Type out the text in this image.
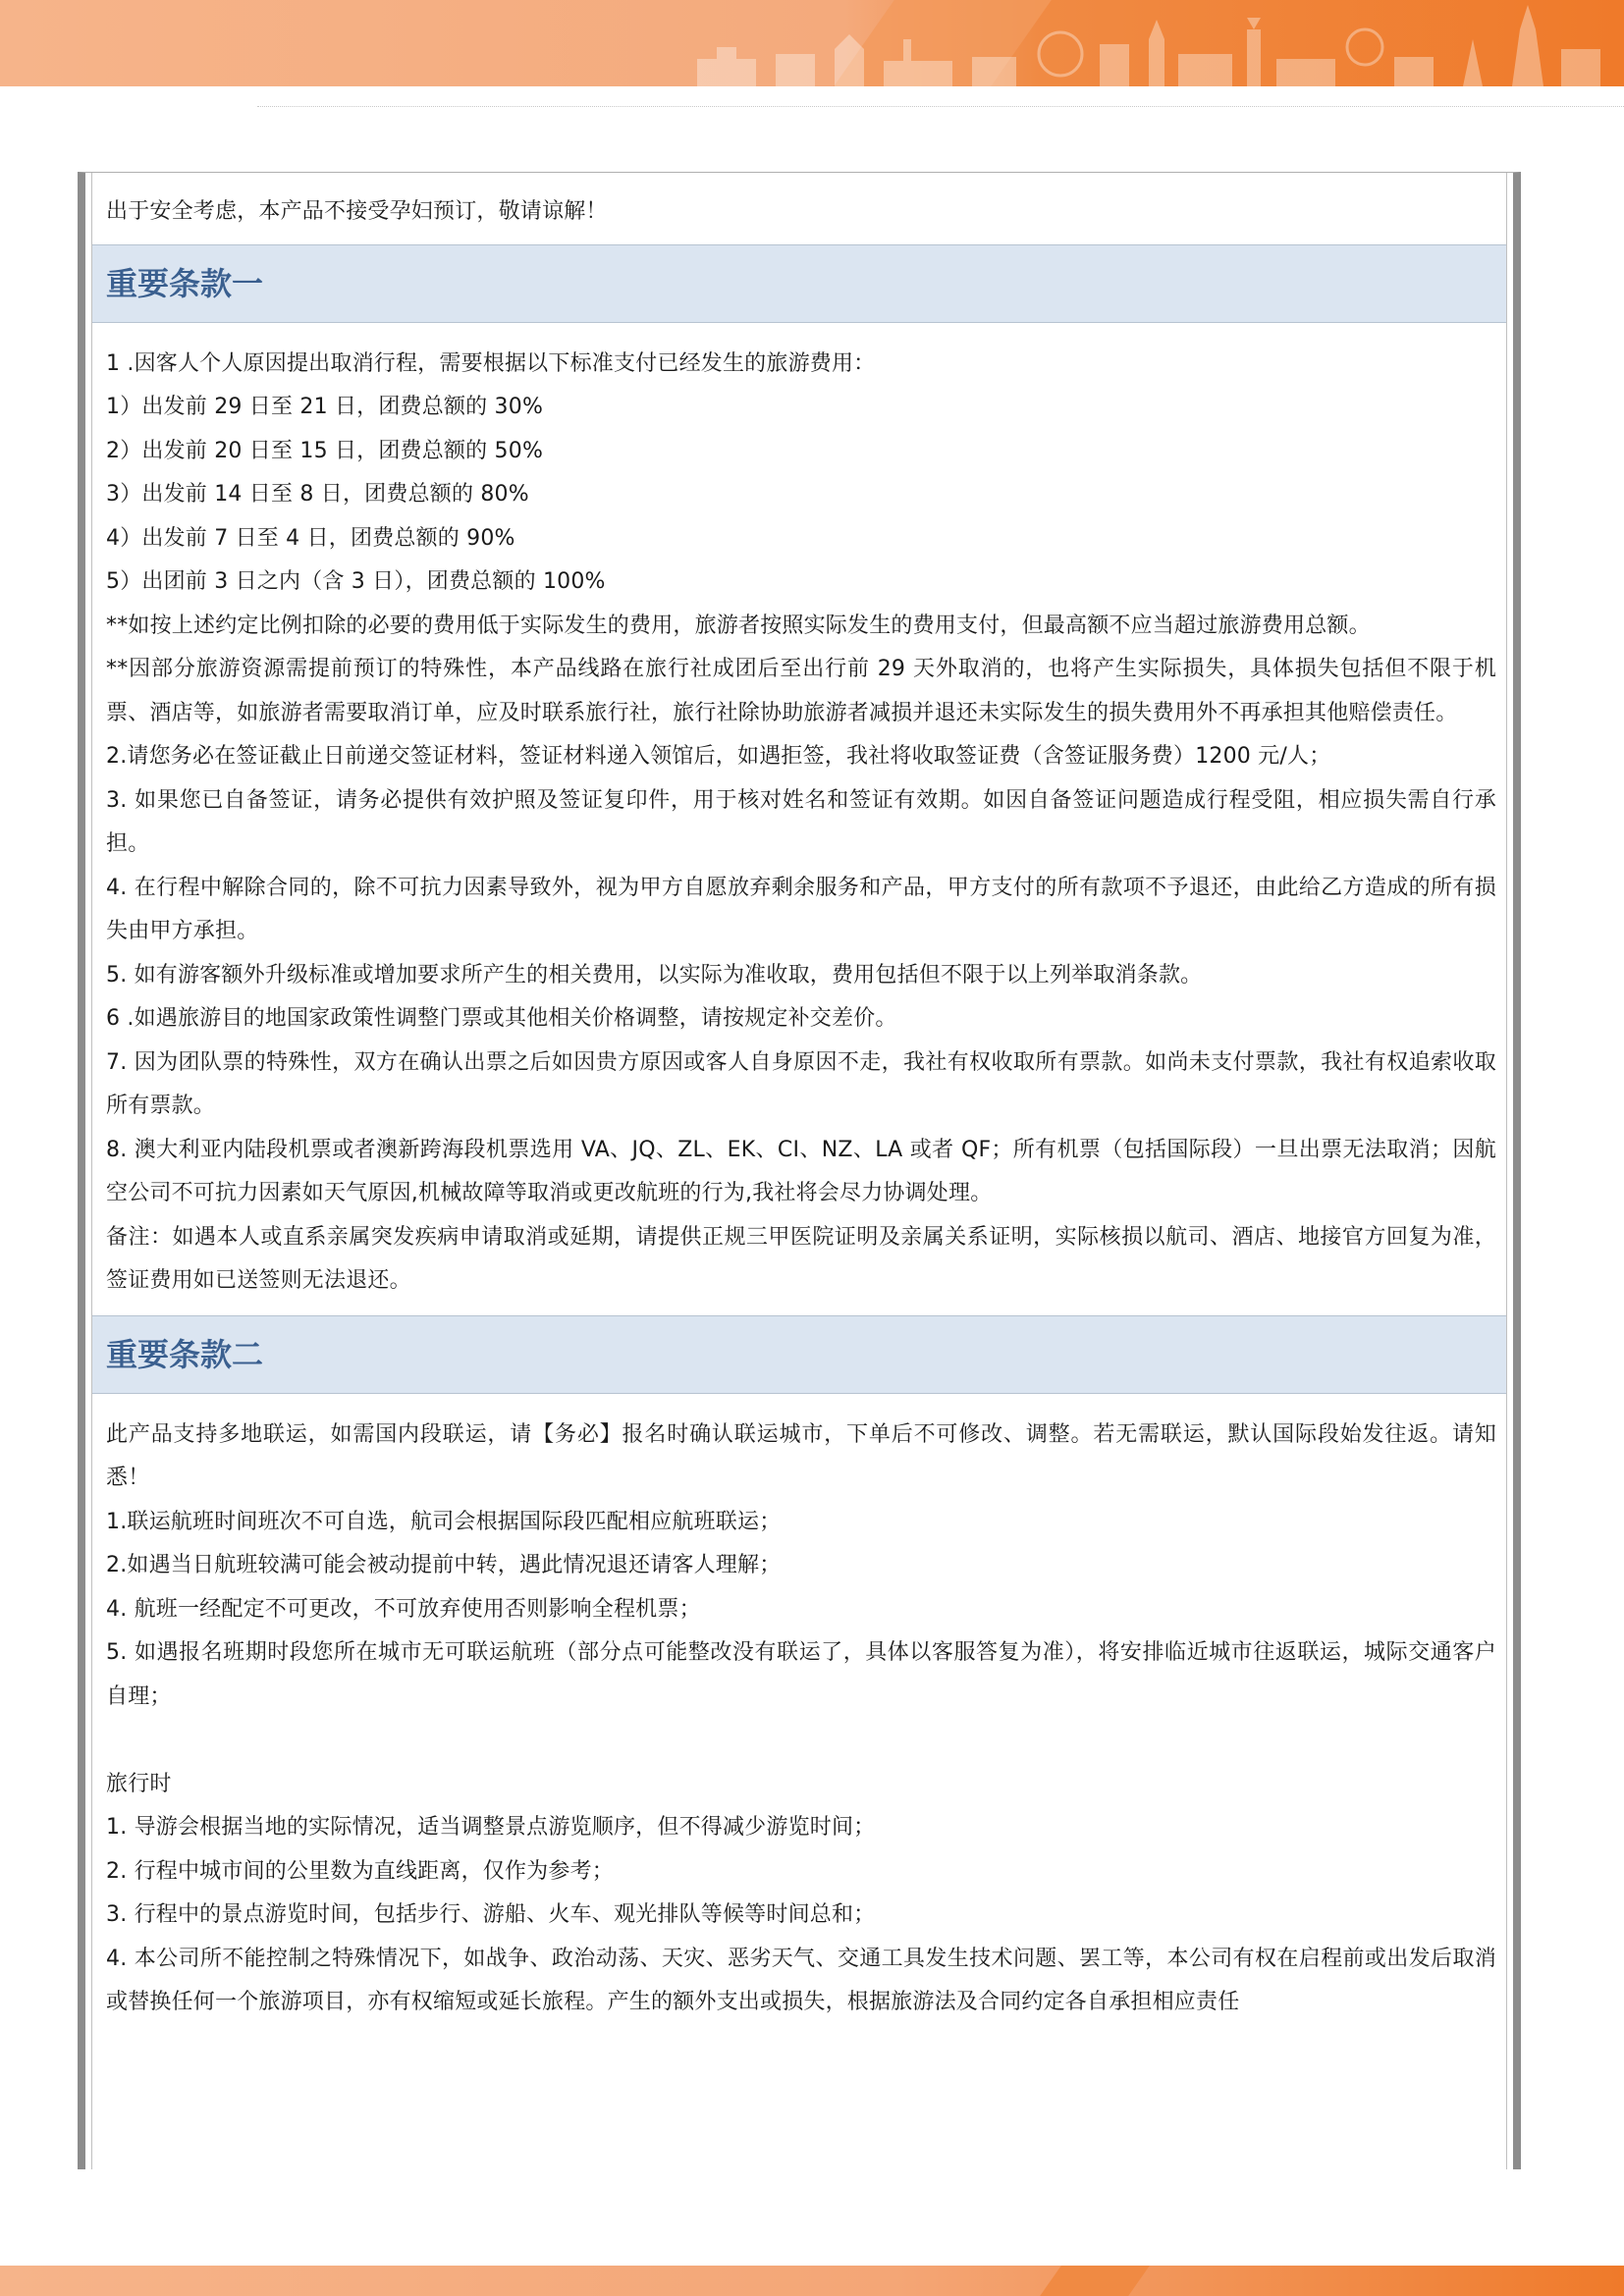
出于安全考虑，本产品不接受孕妇预订，敬请谅解！

重要条款一

1 .因客人个人原因提出取消行程，需要根据以下标准支付已经发生的旅游费用：

1）出发前 29 日至 21 日，团费总额的 30%

2）出发前 20 日至 15 日，团费总额的 50%

3）出发前 14 日至 8 日，团费总额的 80%

4）出发前 7 日至 4 日，团费总额的 90%

5）出团前 3 日之内（含 3 日），团费总额的 100%

**如按上述约定比例扣除的必要的费用低于实际发生的费用，旅游者按照实际发生的费用支付，但最高额不应当超过旅游费用总额。

**因部分旅游资源需提前预订的特殊性，本产品线路在旅行社成团后至出行前 29 天外取消的，也将产生实际损失，具体损失包括但不限于机票、酒店等，如旅游者需要取消订单，应及时联系旅行社，旅行社除协助旅游者减损并退还未实际发生的损失费用外不再承担其他赔偿责任。

2.请您务必在签证截止日前递交签证材料，签证材料递入领馆后，如遇拒签，我社将收取签证费（含签证服务费）1200 元/人；

3. 如果您已自备签证，请务必提供有效护照及签证复印件，用于核对姓名和签证有效期。如因自备签证问题造成行程受阻，相应损失需自行承担。

4. 在行程中解除合同的，除不可抗力因素导致外，视为甲方自愿放弃剩余服务和产品，甲方支付的所有款项不予退还，由此给乙方造成的所有损失由甲方承担。

5. 如有游客额外升级标准或增加要求所产生的相关费用，以实际为准收取，费用包括但不限于以上列举取消条款。

6 .如遇旅游目的地国家政策性调整门票或其他相关价格调整，请按规定补交差价。

7. 因为团队票的特殊性，双方在确认出票之后如因贵方原因或客人自身原因不走，我社有权收取所有票款。如尚未支付票款，我社有权追索收取所有票款。

8. 澳大利亚内陆段机票或者澳新跨海段机票选用 VA、JQ、ZL、EK、CI、NZ、LA 或者 QF；所有机票（包括国际段）一旦出票无法取消；因航空公司不可抗力因素如天气原因,机械故障等取消或更改航班的行为,我社将会尽力协调处理。

备注：如遇本人或直系亲属突发疾病申请取消或延期，请提供正规三甲医院证明及亲属关系证明，实际核损以航司、酒店、地接官方回复为准，签证费用如已送签则无法退还。

重要条款二

此产品支持多地联运，如需国内段联运，请【务必】报名时确认联运城市，下单后不可修改、调整。若无需联运，默认国际段始发往返。请知悉！

1.联运航班时间班次不可自选，航司会根据国际段匹配相应航班联运；

2.如遇当日航班较满可能会被动提前中转，遇此情况退还请客人理解；

4. 航班一经配定不可更改，不可放弃使用否则影响全程机票；

5. 如遇报名班期时段您所在城市无可联运航班（部分点可能整改没有联运了，具体以客服答复为准），将安排临近城市往返联运，城际交通客户自理；

旅行时

1. 导游会根据当地的实际情况，适当调整景点游览顺序，但不得减少游览时间；

2. 行程中城市间的公里数为直线距离，仅作为参考；

3. 行程中的景点游览时间，包括步行、游船、火车、观光排队等候等时间总和；

4. 本公司所不能控制之特殊情况下，如战争、政治动荡、天灾、恶劣天气、交通工具发生技术问题、罢工等，本公司有权在启程前或出发后取消或替换任何一个旅游项目，亦有权缩短或延长旅程。产生的额外支出或损失，根据旅游法及合同约定各自承担相应责任
